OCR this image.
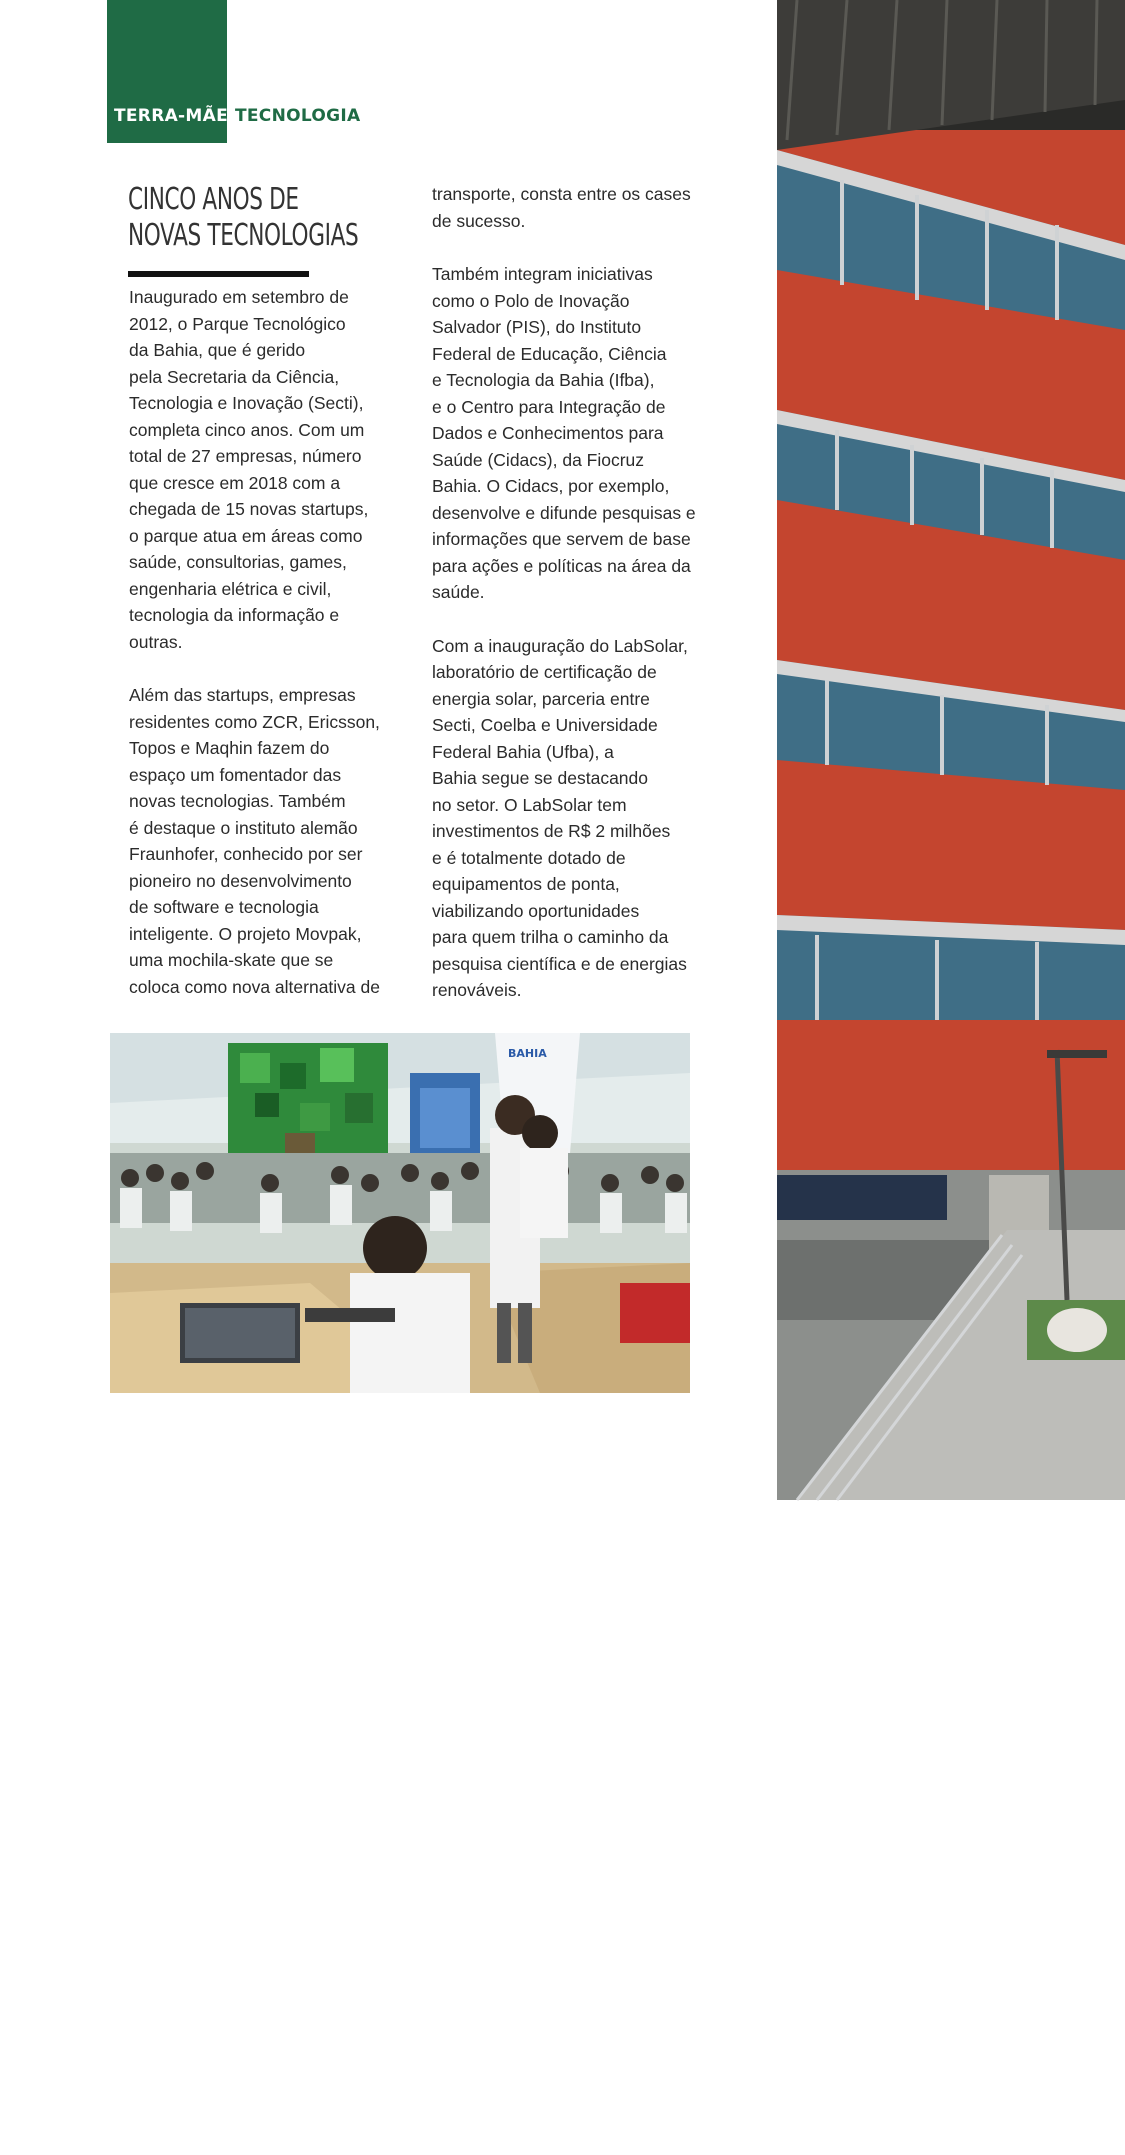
TERRA-MÃE TECNOLOGIA
CINCO ANOS DE
NOVAS TECNOLOGIAS

Inaugurado em setembro de
2012, o Parque Tecnológico
da Bahia, que é gerido
pela Secretaria da Ciência,
Tecnologia e Inovação (Secti),
completa cinco anos. Com um
total de 27 empresas, número
que cresce em 2018 com a
chegada de 15 novas startups,
o parque atua em áreas como
saúde, consultorias, games,
engenharia elétrica e civil,
tecnologia da informação e
outras.

Além das startups, empresas
residentes como ZCR, Ericsson,
Topos e Maqhin fazem do
espaço um fomentador das
novas tecnologias. Também
é destaque o instituto alemão
Fraunhofer, conhecido por ser
pioneiro no desenvolvimento
de software e tecnologia
inteligente. O projeto Movpak,
uma mochila-skate que se
coloca como nova alternativa de

transporte, consta entre os cases
de sucesso.

Também integram iniciativas
como o Polo de Inovação
Salvador (PIS), do Instituto
Federal de Educação, Ciência
e Tecnologia da Bahia (Ifba),
e o Centro para Integração de
Dados e Conhecimentos para
Saúde (Cidacs), da Fiocruz
Bahia. O Cidacs, por exemplo,
desenvolve e difunde pesquisas e
informações que servem de base
para ações e políticas na área da
saúde.

Com a inauguração do LabSolar,
laboratório de certificação de
energia solar, parceria entre
Secti, Coelba e Universidade
Federal Bahia (Ufba), a
Bahia segue se destacando
no setor. O LabSolar tem
investimentos de R$ 2 milhões
e é totalmente dotado de
equipamentos de ponta,
viabilizando oportunidades
para quem trilha o caminho da
pesquisa científica e de energias
renováveis.

BAHIA
Foto: Carol Garcia
